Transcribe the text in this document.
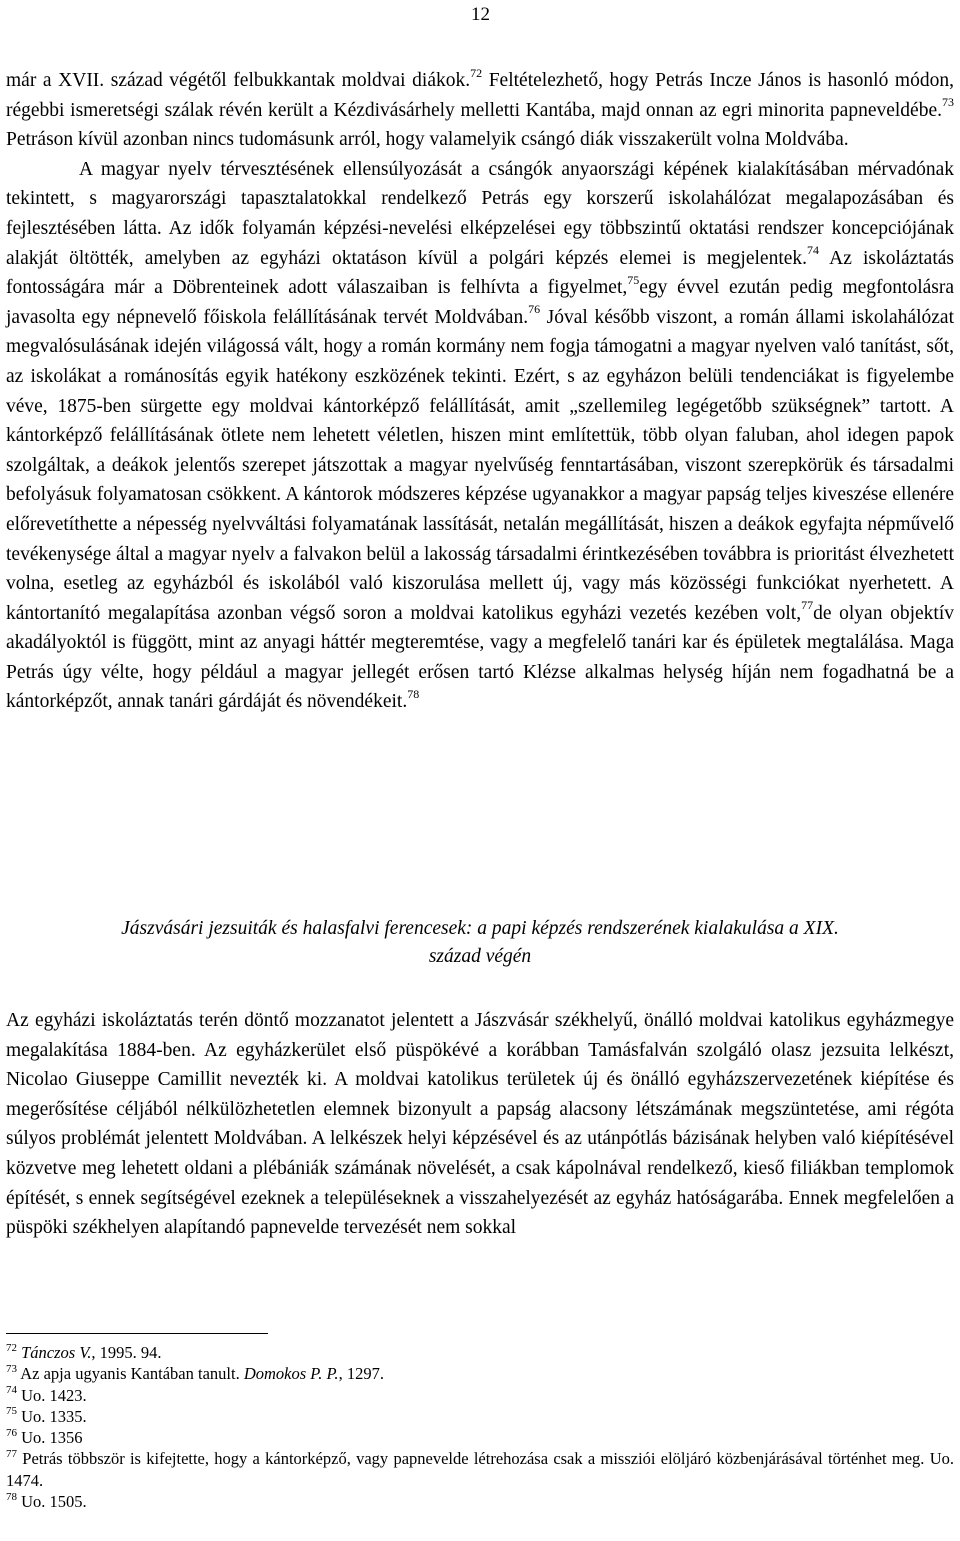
12

már a XVII. század végétől felbukkantak moldvai diákok.$^{72}$ Feltételezhető, hogy Petrás Incze János is hasonló módon, régebbi ismeretségi szálak révén került a Kézdivásárhely melletti Kantába, majd onnan az egri minorita papneveldébe.$^{73}$ Petráson kívül azonban nincs tudomásunk arról, hogy valamelyik csángó diák visszakerült volna Moldvába.

A magyar nyelv térvesztésének ellensúlyozását a csángók anyaországi képének kialakításában mérvadónak tekintett, s magyarországi tapasztalatokkal rendelkező Petrás egy korszerű iskolahálózat megalapozásában és fejlesztésében látta. Az idők folyamán képzési-nevelési elképzelései egy többszintű oktatási rendszer koncepciójának alakját öltötték, amelyben az egyházi oktatáson kívül a polgári képzés elemei is megjelentek.$^{74}$ Az iskoláztatás fontosságára már a Döbrenteinek adott válaszaiban is felhívta a figyelmet,$^{75}$egy évvel ezután pedig megfontolásra javasolta egy népnevelő főiskola felállításának tervét Moldvában.$^{76}$ Jóval később viszont, a román állami iskolahálózat megvalósulásának idején világossá vált, hogy a román kormány nem fogja támogatni a magyar nyelven való tanítást, sőt, az iskolákat a románosítás egyik hatékony eszközének tekinti. Ezért, s az egyházon belüli tendenciákat is figyelembe véve, 1875-ben sürgette egy moldvai kántorképző felállítását, amit „szellemileg legégetőbb szükségnek” tartott. A kántorképző felállításának ötlete nem lehetett véletlen, hiszen mint említettük, több olyan faluban, ahol idegen papok szolgáltak, a deákok jelentős szerepet játszottak a magyar nyelvűség fenntartásában, viszont szerepkörük és társadalmi befolyásuk folyamatosan csökkent. A kántorok módszeres képzése ugyanakkor a magyar papság teljes kiveszése ellenére előrevetíthette a népesség nyelvváltási folyamatának lassítását, netalán megállítását, hiszen a deákok egyfajta népművelő tevékenysége által a magyar nyelv a falvakon belül a lakosság társadalmi érintkezésében továbbra is prioritást élvezhetett volna, esetleg az egyházból és iskolából való kiszorulása mellett új, vagy más közösségi funkciókat nyerhetett. A kántortanító megalapítása azonban végső soron a moldvai katolikus egyházi vezetés kezében volt,$^{77}$de olyan objektív akadályoktól is függött, mint az anyagi háttér megteremtése, vagy a megfelelő tanári kar és épületek megtalálása. Maga Petrás úgy vélte, hogy például a magyar jellegét erősen tartó Klézse alkalmas helység híján nem fogadhatná be a kántorképzőt, annak tanári gárdáját és növendékeit.$^{78}$

Jászvásári jezsuiták és halasfalvi ferencesek: a papi képzés rendszerének kialakulása a XIX.
század végén

Az egyházi iskoláztatás terén döntő mozzanatot jelentett a Jászvásár székhelyű, önálló moldvai katolikus egyházmegye megalakítása 1884-ben. Az egyházkerület első püspökévé a korábban Tamásfalván szolgáló olasz jezsuita lelkészt, Nicolao Giuseppe Camillit nevezték ki. A moldvai katolikus területek új és önálló egyházszervezetének kiépítése és megerősítése céljából nélkülözhetetlen elemnek bizonyult a papság alacsony létszámának megszüntetése, ami régóta súlyos problémát jelentett Moldvában. A lelkészek helyi képzésével és az utánpótlás bázisának helyben való kiépítésével közvetve meg lehetett oldani a plébániák számának növelését, a csak kápolnával rendelkező, kieső filiákban templomok építését, s ennek segítségével ezeknek a településeknek a visszahelyezését az egyház hatóságarába. Ennek megfelelően a püspöki székhelyen alapítandó papnevelde tervezését nem sokkal

$^{72}$ Tánczos V., 1995. 94.

$^{73}$ Az apja ugyanis Kantában tanult. Domokos P. P., 1297.

$^{74}$ Uo. 1423.

$^{75}$ Uo. 1335.

$^{76}$ Uo. 1356

$^{77}$ Petrás többször is kifejtette, hogy a kántorképző, vagy papnevelde létrehozása csak a missziói elöljáró közbenjárásával történhet meg. Uo. 1474.

$^{78}$ Uo. 1505.
